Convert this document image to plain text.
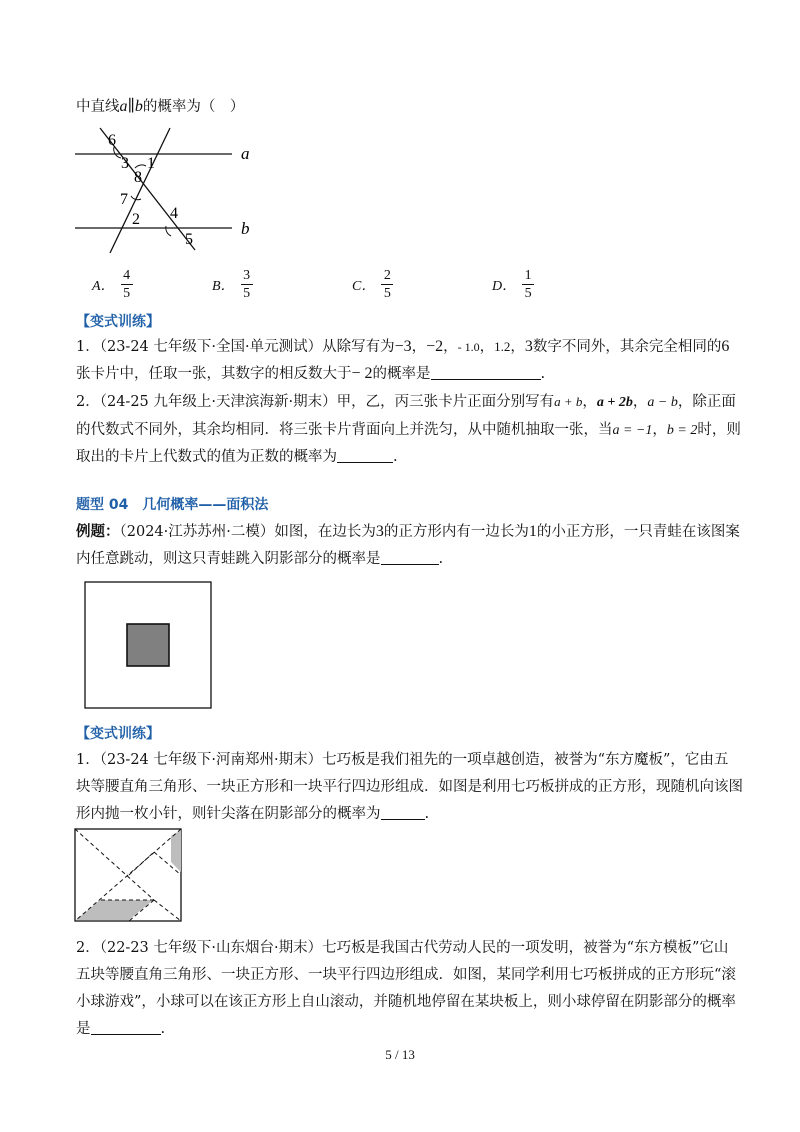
中直线a∥b的概率为（　）
6
3
8
1
7
2 4
5
a
b
A． $\frac{4}{5}$	B． $\frac{3}{5}$	C． $\frac{2}{5}$	D． $\frac{1}{5}$
【变式训练】
1．（23-24 七年级下·全国·单元测试）从除写有为−3，−2，- 1.0，1.2，3数字不同外，其余完全相同的6
张卡片中，任取一张，其数字的相反数大于− 2的概率是	.
2．（24-25 九年级上·天津滨海新·期末）甲，乙，丙三张卡片正面分别写有a + b，a + 2b，a − b，除正面
的代数式不同外，其余均相同．将三张卡片背面向上并洗匀，从中随机抽取一张，当a = −1，b = 2时，则
取出的卡片上代数式的值为正数的概率为	.
题型 04　几何概率——面积法
例题：（2024·江苏苏州·二模）如图，在边长为3的正方形内有一边长为1的小正方形，一只青蛙在该图案
内任意跳动，则这只青蛙跳入阴影部分的概率是	.
【变式训练】
1．（23-24 七年级下·河南郑州·期末）七巧板是我们祖先的一项卓越创造，被誉为“东方魔板”，它由五
块等腰直角三角形、一块正方形和一块平行四边形组成．如图是利用七巧板拼成的正方形，现随机向该图
形内抛一枚小针，则针尖落在阴影部分的概率为	.
2．（22-23 七年级下·山东烟台·期末）七巧板是我国古代劳动人民的一项发明，被誉为“东方模板”它山
五块等腰直角三角形、一块正方形、一块平行四边形组成．如图，某同学利用七巧板拼成的正方形玩“滚
小球游戏”，小球可以在该正方形上自山滚动，并随机地停留在某块板上，则小球停留在阴影部分的概率
是	.
5 / 13
